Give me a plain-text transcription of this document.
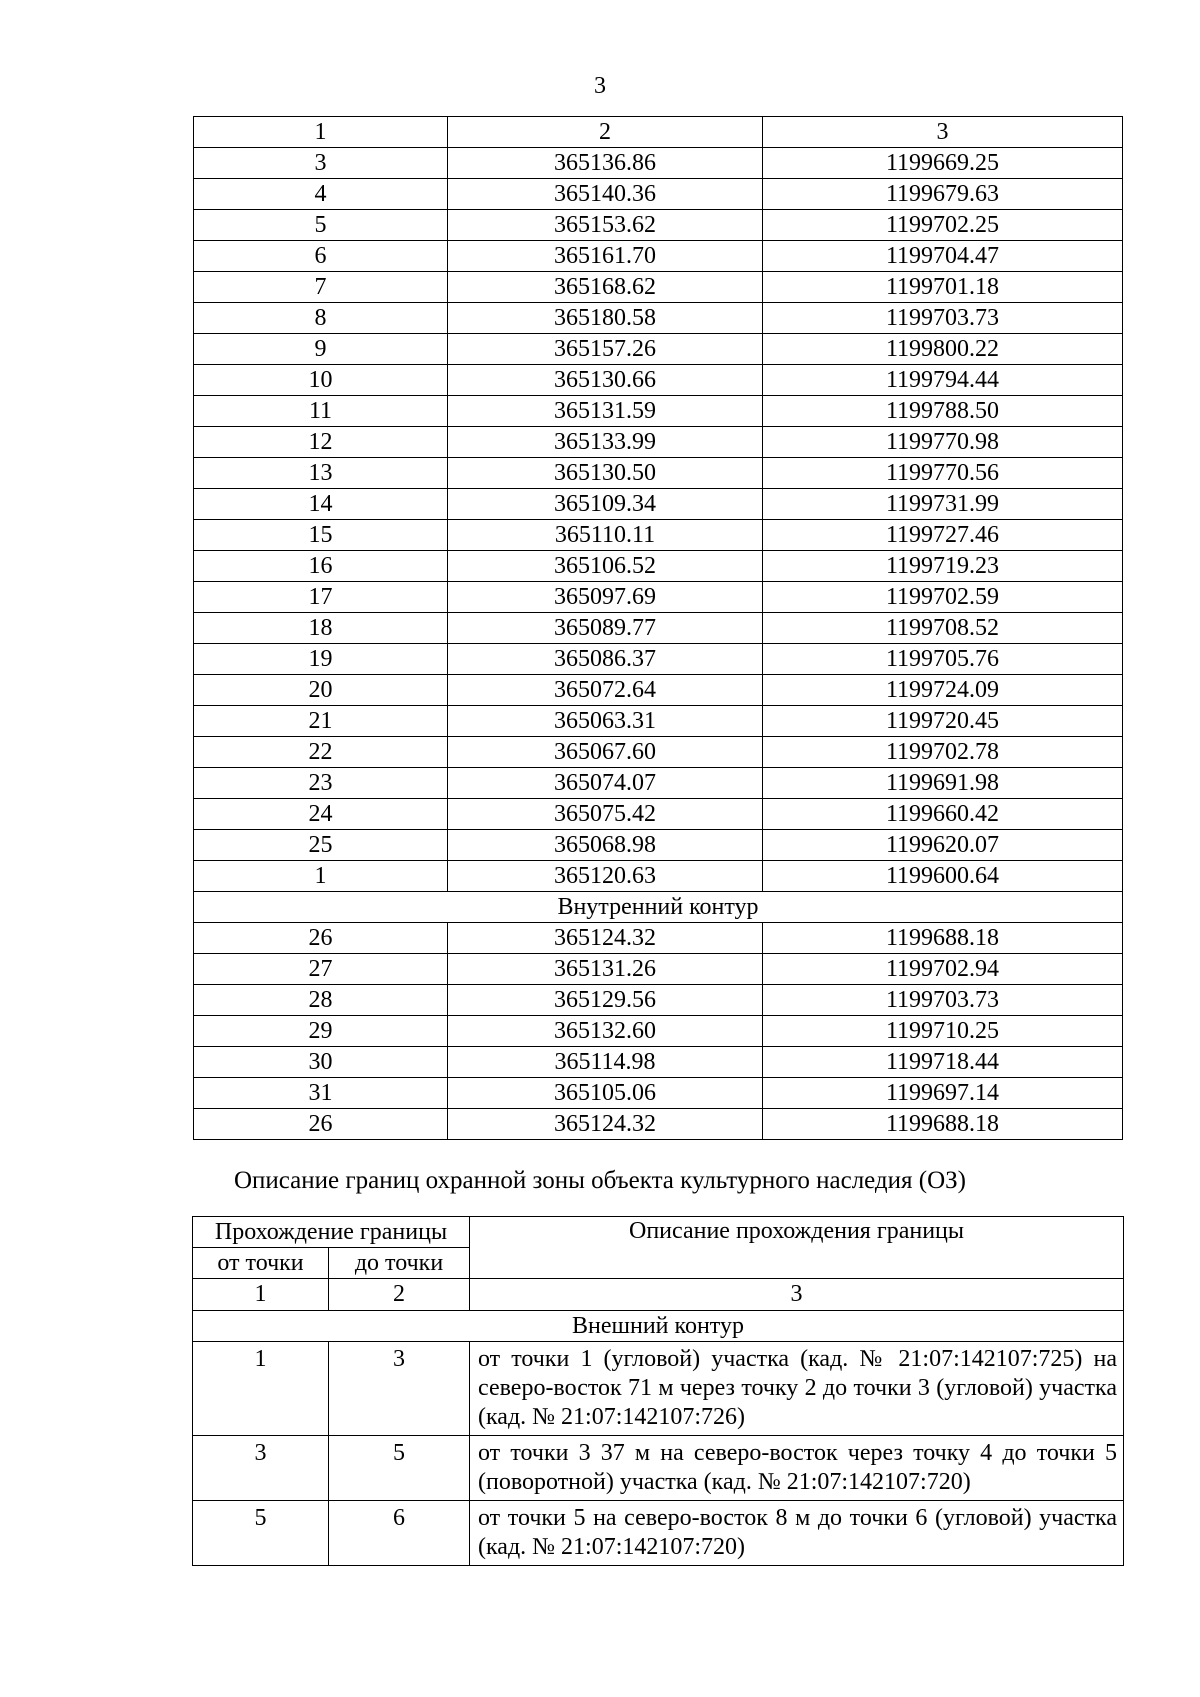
3
1	2	3
3	365136.86	1199669.25
4	365140.36	1199679.63
5	365153.62	1199702.25
6	365161.70	1199704.47
7	365168.62	1199701.18
8	365180.58	1199703.73
9	365157.26	1199800.22
10	365130.66	1199794.44
11	365131.59	1199788.50
12	365133.99	1199770.98
13	365130.50	1199770.56
14	365109.34	1199731.99
15	365110.11	1199727.46
16	365106.52	1199719.23
17	365097.69	1199702.59
18	365089.77	1199708.52
19	365086.37	1199705.76
20	365072.64	1199724.09
21	365063.31	1199720.45
22	365067.60	1199702.78
23	365074.07	1199691.98
24	365075.42	1199660.42
25	365068.98	1199620.07
1	365120.63	1199600.64
Внутренний контур		
26	365124.32	1199688.18
27	365131.26	1199702.94
28	365129.56	1199703.73
29	365132.60	1199710.25
30	365114.98	1199718.44
31	365105.06	1199697.14
26	365124.32	1199688.18
Описание границ охранной зоны объекта культурного наследия (ОЗ)
Прохождение границы		Описание прохождения границы
от точки	до точки	
1	2	3
Внешний контур		
1	3	от точки 1 (угловой) участка (кад. № 21:07:142107:725) на северо-восток 71 м через точку 2 до точки 3 (угловой) участка (кад. № 21:07:142107:726)
3	5	от точки 3 37 м на северо-восток через точку 4 до точки 5 (поворотной) участка (кад. № 21:07:142107:720)
5	6	от точки 5 на северо-восток 8 м до точки 6 (угловой) участка (кад. № 21:07:142107:720)
